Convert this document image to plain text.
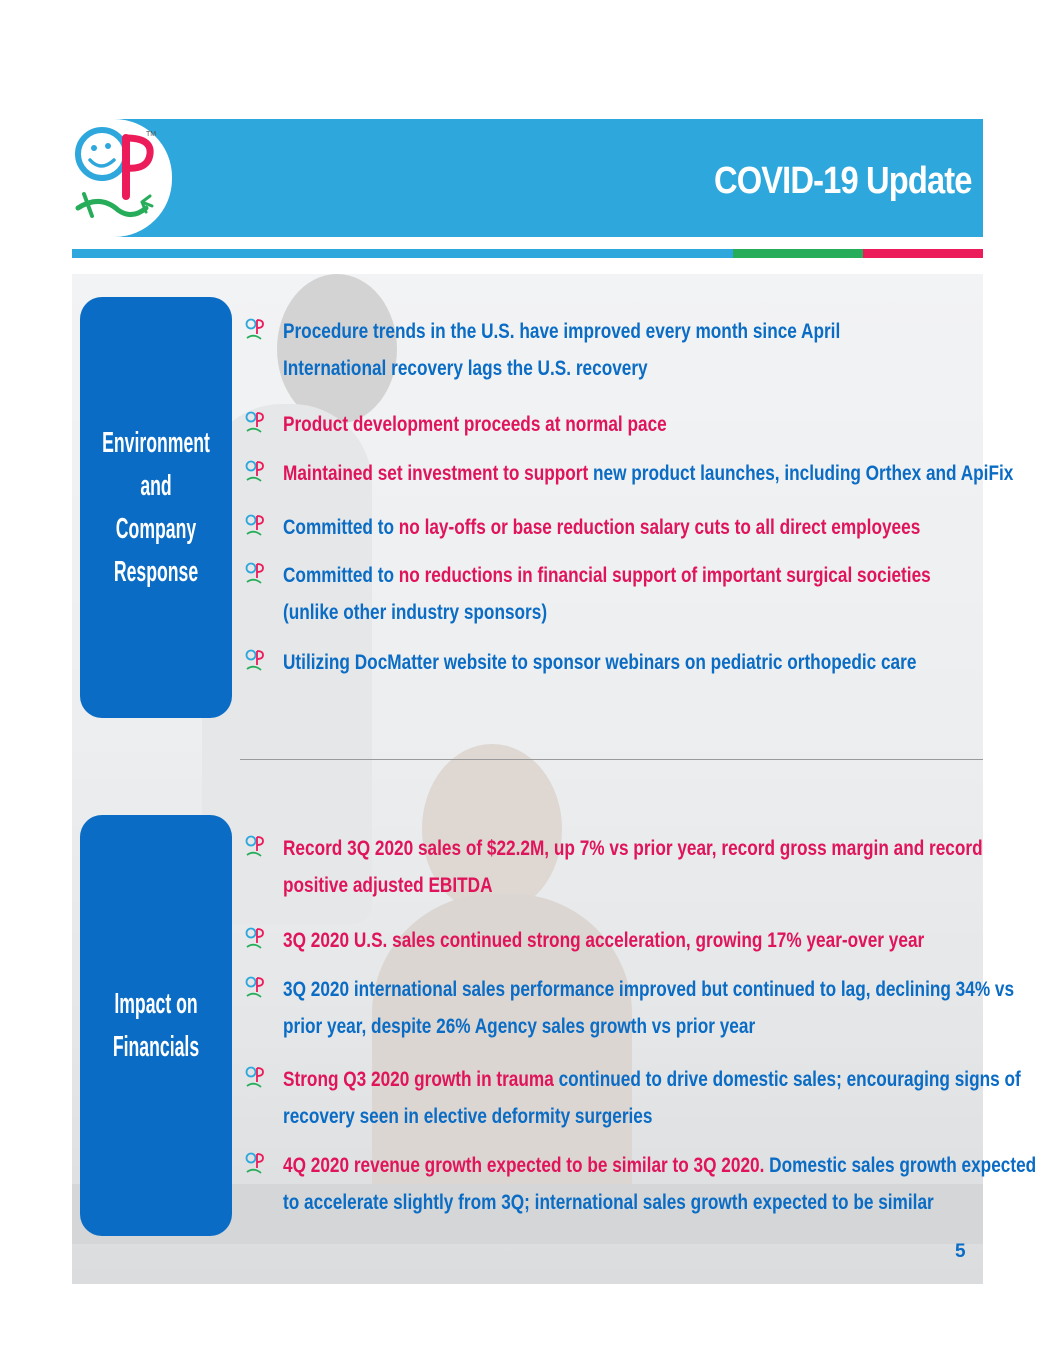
TM
COVID-19 Update
Environment
and
Company
Response
Impact on
Financials
Procedure trends in the U.S. have improved every month since April
International recovery lags the U.S. recovery
Product development proceeds at normal pace
Maintained set investment to support new product launches, including Orthex and ApiFix
Committed to no lay-offs or base reduction salary cuts to all direct employees
Committed to no reductions in financial support of important surgical societies
(unlike other industry sponsors)
Utilizing DocMatter website to sponsor webinars on pediatric orthopedic care
Record 3Q 2020 sales of $22.2M, up 7% vs prior year, record gross margin and record
positive adjusted EBITDA
3Q 2020 U.S. sales continued strong acceleration, growing 17% year-over year
3Q 2020 international sales performance improved but continued to lag, declining 34% vs
prior year, despite 26% Agency sales growth vs prior year
Strong Q3 2020 growth in trauma continued to drive domestic sales; encouraging signs of
recovery seen in elective deformity surgeries
4Q 2020 revenue growth expected to be similar to 3Q 2020. Domestic sales growth expected
to accelerate slightly from 3Q; international sales growth expected to be similar
5
